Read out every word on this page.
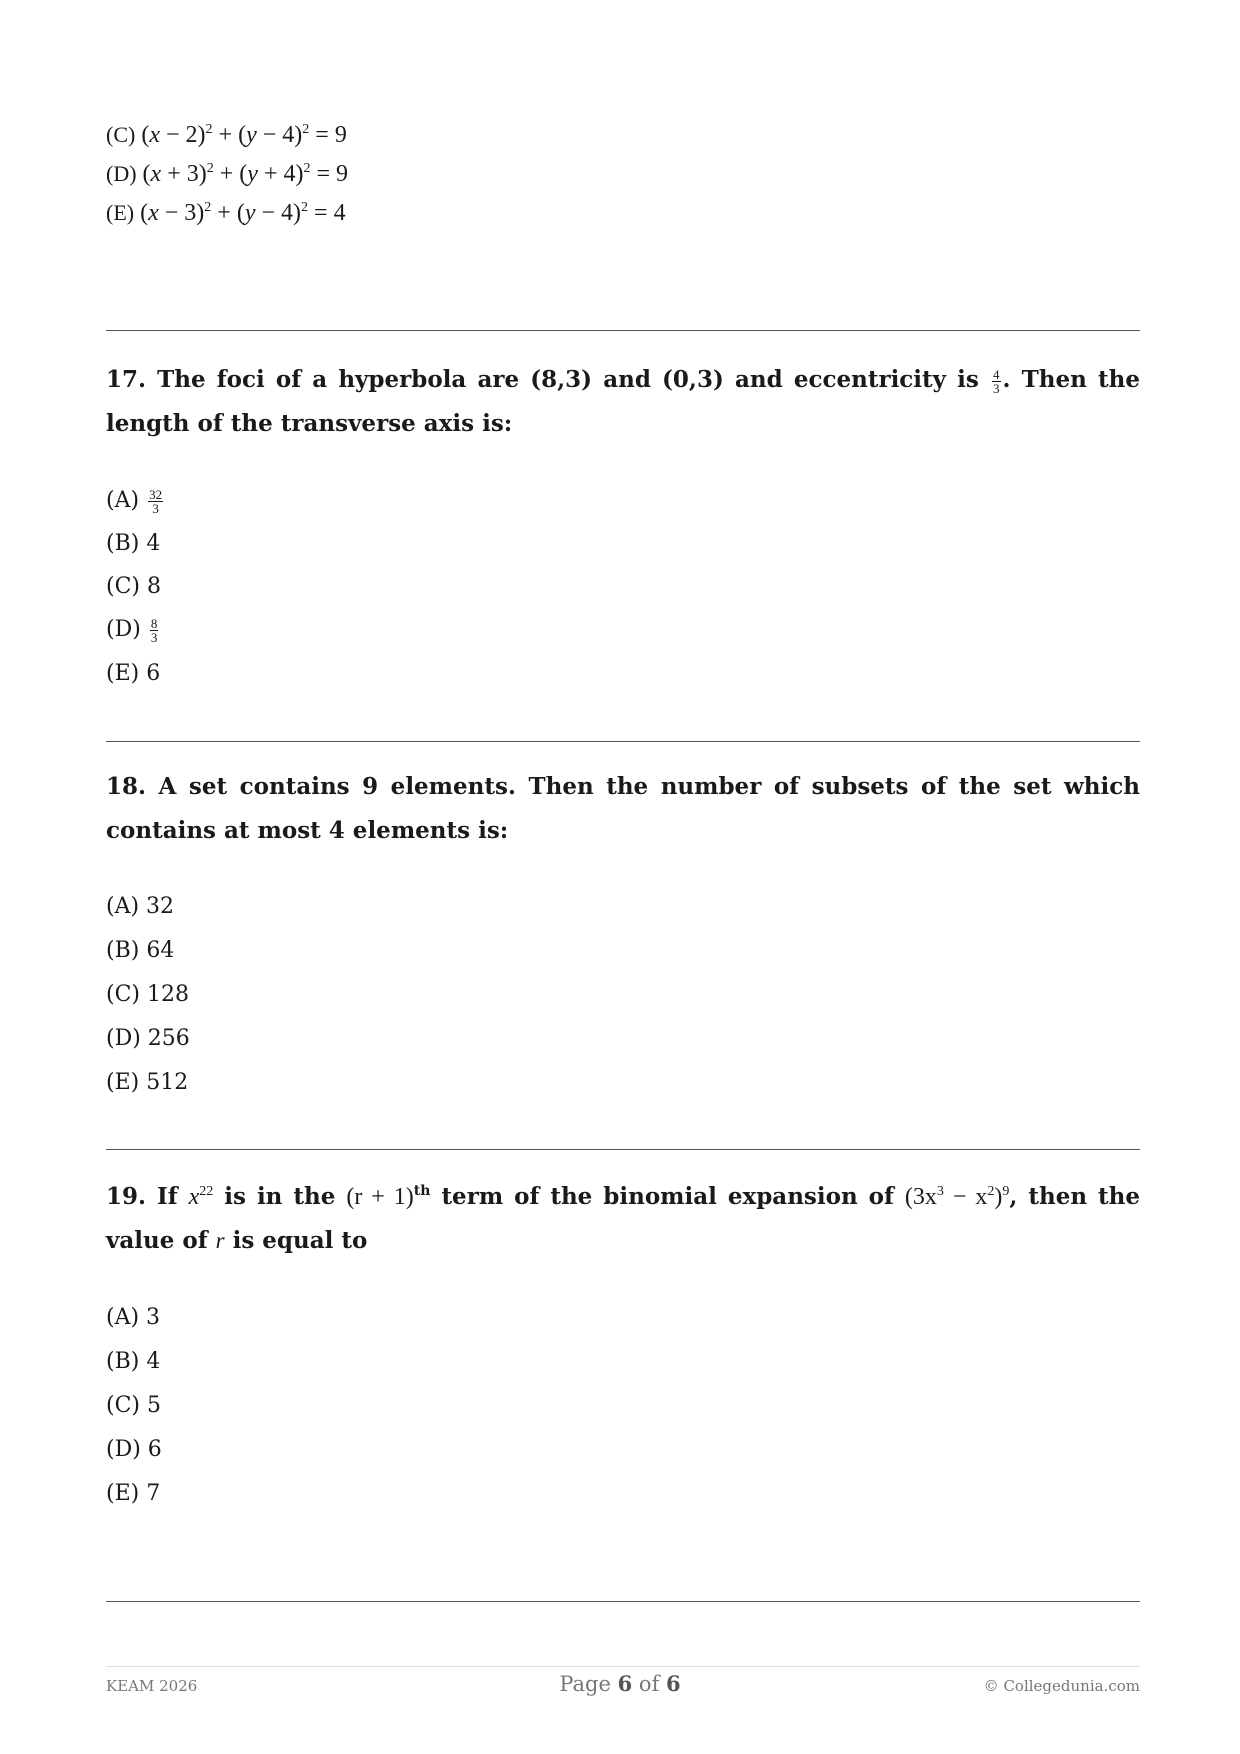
(C) $(x - 2)^2 + (y - 4)^2 = 9$
(D) $(x + 3)^2 + (y + 4)^2 = 9$
(E) $(x - 3)^2 + (y - 4)^2 = 4$
17. The foci of a hyperbola are (8,3) and (0,3) and eccentricity is $\frac{4}{3}$ . Then the length of the transverse axis is:
$(A) \frac{32}{3}$
(B) 4
(C) 8
$(D) \frac{8}{3}$
(E) 6
18. A set contains 9 elements. Then the number of subsets of the set which contains at most 4 elements is:
(A) 32
(B) 64
(C) 128
(D) 256
(E) 512
19. If $x^{22}$ is in the $(r + 1)^{th}$ term of the binomial expansion of $(3x^3 - x^2)^9$, then the value of r is equal to
(A) 3
(B) 4
(C) 5
(D) 6
(E) 7
KEAM 2026	Page 6 of 6	© Collegedunia.com
